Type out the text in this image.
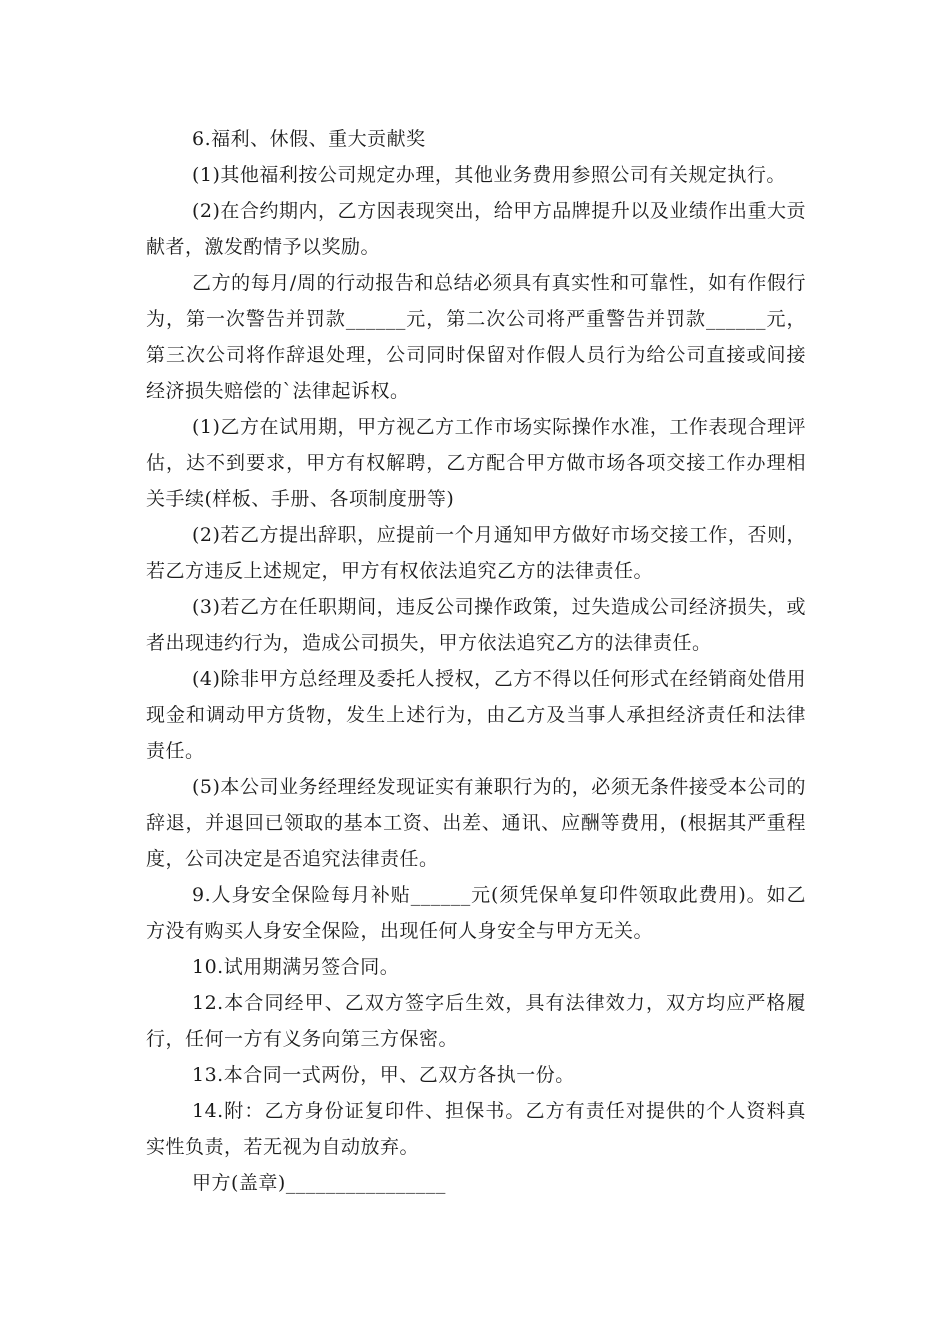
6.福利、休假、重大贡献奖

(1)其他福利按公司规定办理，其他业务费用参照公司有关规定执行。

(2)在合约期内，乙方因表现突出，给甲方品牌提升以及业绩作出重大贡献者，激发酌情予以奖励。

乙方的每月/周的行动报告和总结必须具有真实性和可靠性，如有作假行为，第一次警告并罚款______元，第二次公司将严重警告并罚款______元，第三次公司将作辞退处理，公司同时保留对作假人员行为给公司直接或间接经济损失赔偿的`法律起诉权。

(1)乙方在试用期，甲方视乙方工作市场实际操作水准，工作表现合理评估，达不到要求，甲方有权解聘，乙方配合甲方做市场各项交接工作办理相关手续(样板、手册、各项制度册等)

(2)若乙方提出辞职，应提前一个月通知甲方做好市场交接工作，否则，若乙方违反上述规定，甲方有权依法追究乙方的法律责任。

(3)若乙方在任职期间，违反公司操作政策，过失造成公司经济损失，或者出现违约行为，造成公司损失，甲方依法追究乙方的法律责任。

(4)除非甲方总经理及委托人授权，乙方不得以任何形式在经销商处借用现金和调动甲方货物，发生上述行为，由乙方及当事人承担经济责任和法律责任。

(5)本公司业务经理经发现证实有兼职行为的，必须无条件接受本公司的辞退，并退回已领取的基本工资、出差、通讯、应酬等费用，(根据其严重程度，公司决定是否追究法律责任。

9.人身安全保险每月补贴______元(须凭保单复印件领取此费用)。如乙方没有购买人身安全保险，出现任何人身安全与甲方无关。

10.试用期满另签合同。

12.本合同经甲、乙双方签字后生效，具有法律效力，双方均应严格履行，任何一方有义务向第三方保密。

13.本合同一式两份，甲、乙双方各执一份。

14.附：乙方身份证复印件、担保书。乙方有责任对提供的个人资料真实性负责，若无视为自动放弃。

甲方(盖章)________________
